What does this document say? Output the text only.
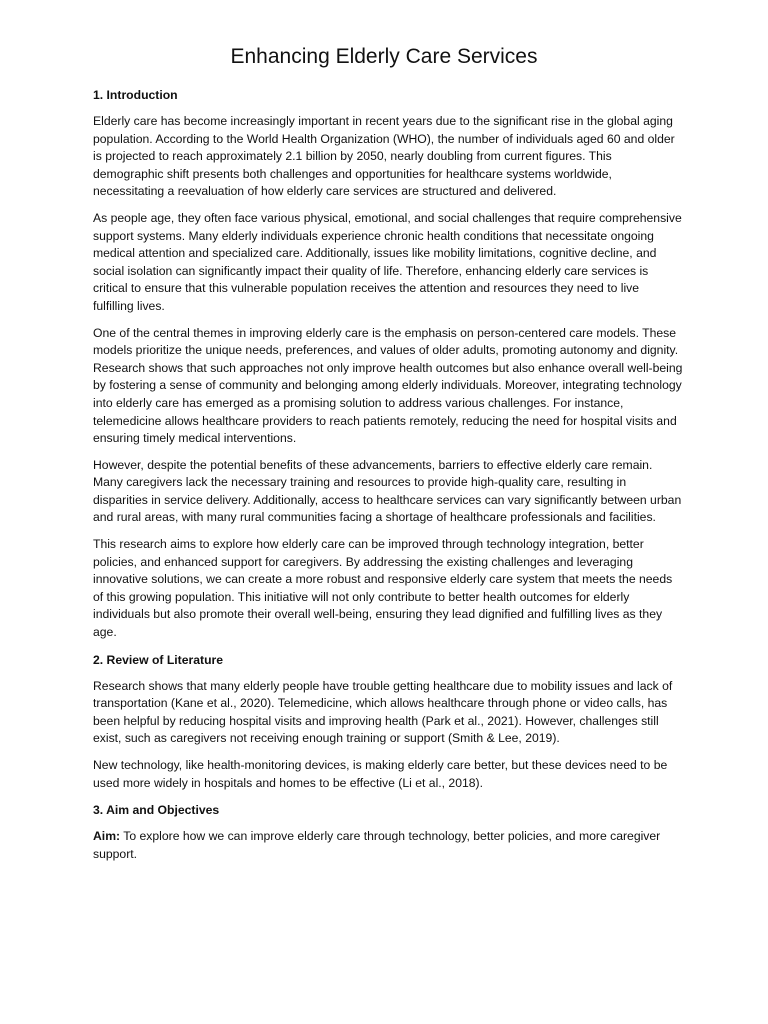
Enhancing Elderly Care Services
1. Introduction

Elderly care has become increasingly important in recent years due to the significant rise in the global aging population. According to the World Health Organization (WHO), the number of individuals aged 60 and older is projected to reach approximately 2.1 billion by 2050, nearly doubling from current figures. This demographic shift presents both challenges and opportunities for healthcare systems worldwide, necessitating a reevaluation of how elderly care services are structured and delivered.

As people age, they often face various physical, emotional, and social challenges that require comprehensive support systems. Many elderly individuals experience chronic health conditions that necessitate ongoing medical attention and specialized care. Additionally, issues like mobility limitations, cognitive decline, and social isolation can significantly impact their quality of life. Therefore, enhancing elderly care services is critical to ensure that this vulnerable population receives the attention and resources they need to live fulfilling lives.

One of the central themes in improving elderly care is the emphasis on person-centered care models. These models prioritize the unique needs, preferences, and values of older adults, promoting autonomy and dignity. Research shows that such approaches not only improve health outcomes but also enhance overall well-being by fostering a sense of community and belonging among elderly individuals. Moreover, integrating technology into elderly care has emerged as a promising solution to address various challenges. For instance, telemedicine allows healthcare providers to reach patients remotely, reducing the need for hospital visits and ensuring timely medical interventions.

However, despite the potential benefits of these advancements, barriers to effective elderly care remain. Many caregivers lack the necessary training and resources to provide high-quality care, resulting in disparities in service delivery. Additionally, access to healthcare services can vary significantly between urban and rural areas, with many rural communities facing a shortage of healthcare professionals and facilities.

This research aims to explore how elderly care can be improved through technology integration, better policies, and enhanced support for caregivers. By addressing the existing challenges and leveraging innovative solutions, we can create a more robust and responsive elderly care system that meets the needs of this growing population. This initiative will not only contribute to better health outcomes for elderly individuals but also promote their overall well-being, ensuring they lead dignified and fulfilling lives as they age.

2. Review of Literature

Research shows that many elderly people have trouble getting healthcare due to mobility issues and lack of transportation (Kane et al., 2020). Telemedicine, which allows healthcare through phone or video calls, has been helpful by reducing hospital visits and improving health (Park et al., 2021). However, challenges still exist, such as caregivers not receiving enough training or support (Smith & Lee, 2019).

New technology, like health-monitoring devices, is making elderly care better, but these devices need to be used more widely in hospitals and homes to be effective (Li et al., 2018).

3. Aim and Objectives

Aim: To explore how we can improve elderly care through technology, better policies, and more caregiver support.
